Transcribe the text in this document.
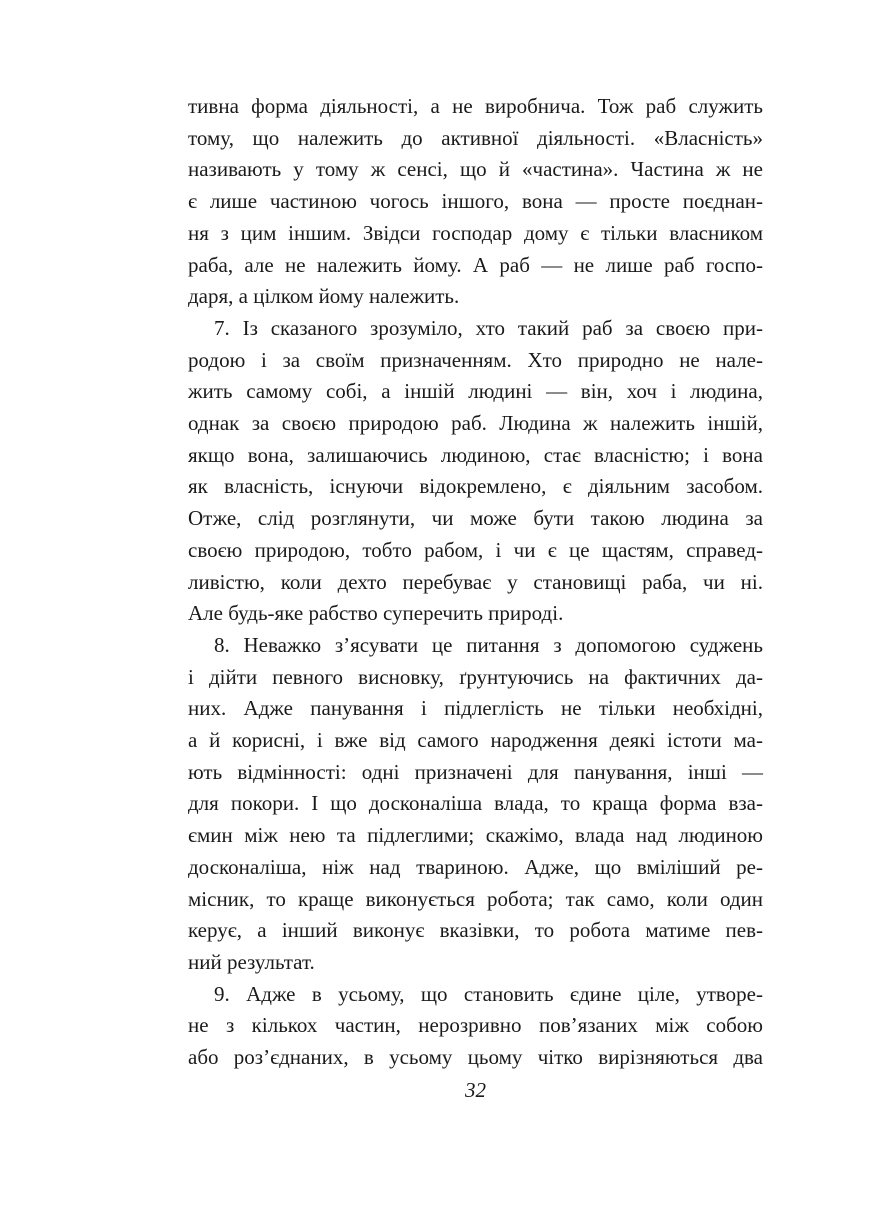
тивна форма діяльності, а не виробнича. Тож раб служить
тому, що належить до активної діяльності. «Власність»
називають у тому ж сенсі, що й «частина». Частина ж не
є лише частиною чогось іншого, вона — просте поєднан-
ня з цим іншим. Звідси господар дому є тільки власником
раба, але не належить йому. А раб — не лише раб госпо-
даря, а цілком йому належить.
7. Із сказаного зрозуміло, хто такий раб за своєю при-
родою і за своїм призначенням. Хто природно не нале-
жить самому собі, а іншій людині — він, хоч і людина,
однак за своєю природою раб. Людина ж належить іншій,
якщо вона, залишаючись людиною, стає власністю; і вона
як власність, існуючи відокремлено, є діяльним засобом.
Отже, слід розглянути, чи може бути такою людина за
своєю природою, тобто рабом, і чи є це щастям, справед-
ливістю, коли дехто перебуває у становищі раба, чи ні.
Але будь-яке рабство суперечить природі.
8. Неважко з’ясувати це питання з допомогою суджень
і дійти певного висновку, ґрунтуючись на фактичних да-
них. Адже панування і підлеглість не тільки необхідні,
а й корисні, і вже від самого народження деякі істоти ма-
ють відмінності: одні призначені для панування, інші —
для покори. І що досконаліша влада, то краща форма вза-
ємин між нею та підлеглими; скажімо, влада над людиною
досконаліша, ніж над твариною. Адже, що вміліший ре-
місник, то краще виконується робота; так само, коли один
керує, а інший виконує вказівки, то робота матиме пев-
ний результат.
9. Адже в усьому, що становить єдине ціле, утворе-
не з кількох частин, нерозривно пов’язаних між собою
або роз’єднаних, в усьому цьому чітко вирізняються два
32
